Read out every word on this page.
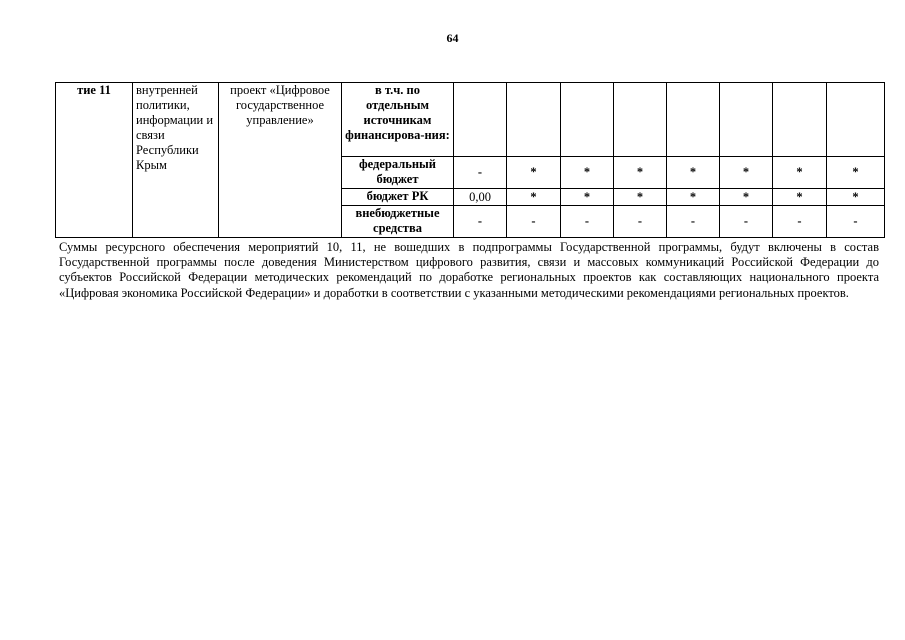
64
тие 11	внутренней политики, информации и связи Республики Крым	проект «Цифровое государственное управление»	в т.ч. по отдельным источникам финансирова-ния:								
			федеральный бюджет	-	*	*	*	*	*	*	*
			бюджет РК	0,00	*	*	*	*	*	*	*
			внебюджетные средства	-	-	-	-	-	-	-	-
Суммы ресурсного обеспечения мероприятий 10, 11, не вошедших в подпрограммы Государственной программы, будут включены в состав Государственной программы после доведения Министерством цифрового развития, связи и массовых коммуникаций Российской Федерации до субъектов Российской Федерации методических рекомендаций по доработке региональных проектов как составляющих национального проекта «Цифровая экономика Российской Федерации» и доработки в соответствии с указанными методическими рекомендациями региональных проектов.
